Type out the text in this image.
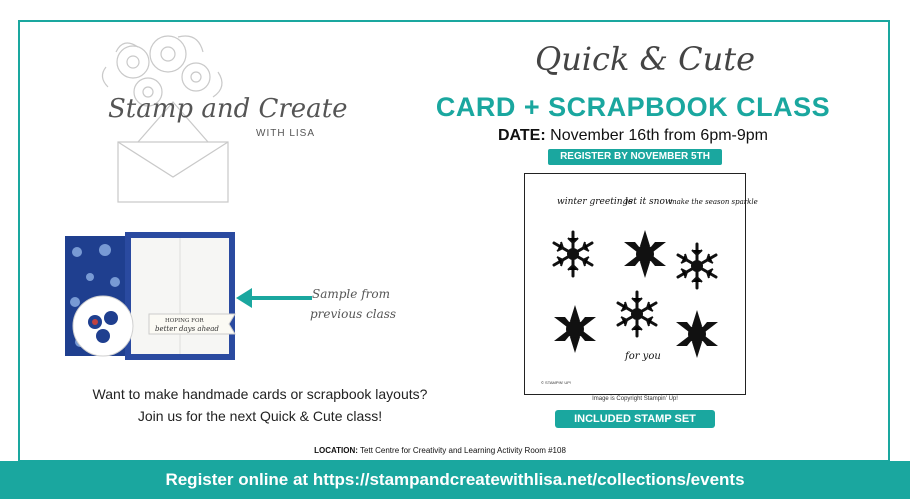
Stamp and Create
WITH LISA
Quick & Cute
CARD + SCRAPBOOK CLASS
DATE: November 16th from 6pm-9pm
REGISTER BY NOVEMBER 5TH
winter greetings
let it snow
make the season sparkle
for you
© STAMPIN' UP!
Image is Copyright Stampin' Up!
INCLUDED STAMP SET
HOPING FOR
better days ahead
Sample from
previous class
Want to make handmade cards or scrapbook layouts?
Join us for the next Quick & Cute class!
LOCATION: Tett Centre for Creativity and Learning Activity Room #108
Register online at https://stampandcreatewithlisa.net/collections/events
